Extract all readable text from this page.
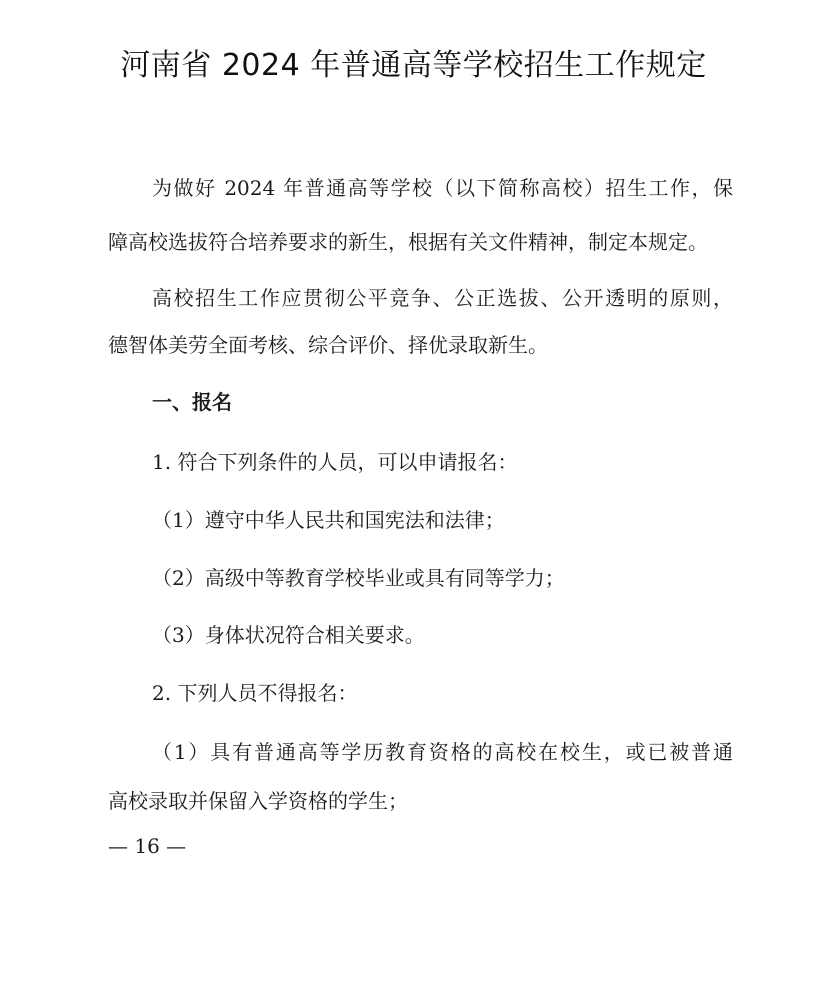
河南省 2024 年普通高等学校招生工作规定
为做好 2024 年普通高等学校（以下简称高校）招生工作，保
障高校选拔符合培养要求的新生，根据有关文件精神，制定本规定。
高校招生工作应贯彻公平竞争、公正选拔、公开透明的原则，
德智体美劳全面考核、综合评价、择优录取新生。
一、报名
1. 符合下列条件的人员，可以申请报名：
（1）遵守中华人民共和国宪法和法律；
（2）高级中等教育学校毕业或具有同等学力；
（3）身体状况符合相关要求。
2. 下列人员不得报名：
（1）具有普通高等学历教育资格的高校在校生，或已被普通
高校录取并保留入学资格的学生；
— 16 —
